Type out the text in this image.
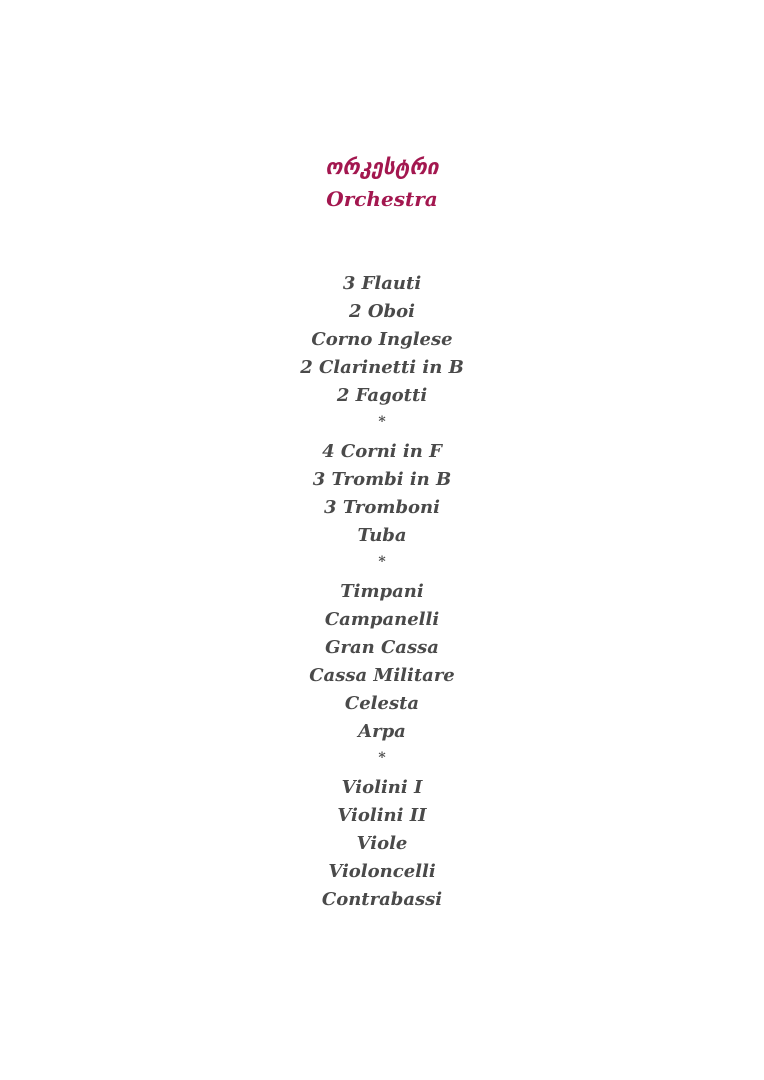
ორკესტრი
Orchestra
3 Flauti
2 Oboi
Corno Inglese
2 Clarinetti in B
2 Fagotti
*
4 Corni in F
3 Trombi in B
3 Tromboni
Tuba
*
Timpani
Campanelli
Gran Cassa
Cassa Militare
Celesta
Arpa
*
Violini I
Violini II
Viole
Violoncelli
Contrabassi
